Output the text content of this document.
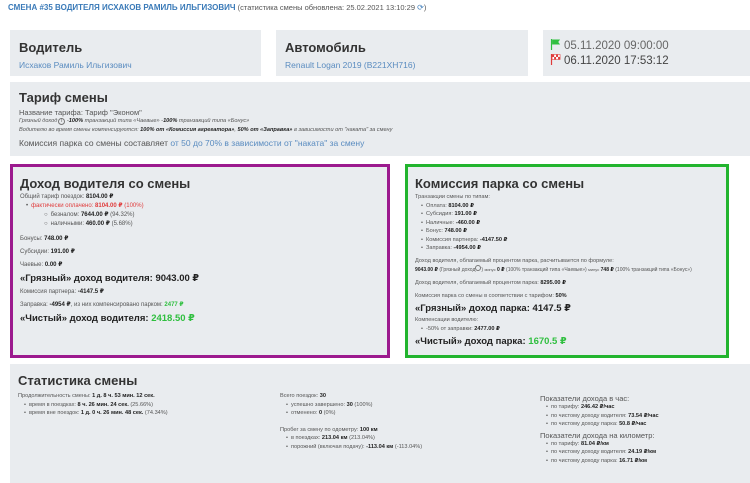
СМЕНА #35 ВОДИТЕЛЯ ИСХАКОВ РАМИЛЬ ИЛЬГИЗОВИЧ (статистика смены обновлена: 25.02.2021 13:10:29 ⟳)
Водитель
Исхаков Рамиль Ильгизович
Автомобиль
Renault Logan 2019 (В221ХН716)
05.11.2020 09:00:00
06.11.2020 17:53:12
Тариф смены
Название тарифа: Тариф "Эконом"
Грязный доход i -100% транзакций типа «Чаевые» -100% транзакций типа «Бонус»
Водителю во время смены компенсируются: 100% от «Комиссия агрегатора», 50% от «Заправка» в зависимости от "наката" за смену
Комиссия парка со смены составляет от 50 до 70% в зависимости от "наката" за смену
Доход водителя со смены
Общий тариф поездок: 8104.00 ₽
• фактически оплачено: 8104.00 ₽ (100%)
○ безналом: 7644.00 ₽ (94.32%)
○ наличными: 460.00 ₽ (5.68%)
Бонусы: 748.00 ₽
Субсидии: 191.00 ₽
Чаевые: 0.00 ₽
«Грязный» доход водителя: 9043.00 ₽
Комиссия партнера: -4147.5 ₽
Заправка: -4954 ₽, из них компенсировано парком: 2477 ₽
«Чистый» доход водителя: 2418.50 ₽
Комиссия парка со смены
Транзакции смены по типам:
• Оплата: 8104.00 ₽
• Субсидия: 191.00 ₽
• Наличные: -460.00 ₽
• Бонус: 748.00 ₽
• Комиссия партнера: -4147.50 ₽
• Заправка: -4954.00 ₽
Доход водителя, облагаемый процентом парка, расчитывается по формуле:
9043.00 ₽ (Грязный доход ) минус 0 ₽ (100% транзакций типа «Чаевые») минус 748 ₽ (100% транзакций типа «Бонус»)
Доход водителя, облагаемый процентом парка: 8295.00 ₽
Комиссия парка со смены в соответствии с тарифом: 50%
«Грязный» доход парка: 4147.5 ₽
Компенсации водителю:
• -50% от заправки: 2477.00 ₽
«Чистый» доход парка: 1670.5 ₽
Статистика смены
Продолжительность смены: 1 д. 8 ч. 53 мин. 12 сек.
• время в поездках: 8 ч. 26 мин. 24 сек. (25.66%)
• время вне поездок: 1 д. 0 ч. 26 мин. 48 сек. (74.34%)
Всего поездок: 30
• успешно завершено: 30 (100%)
• отменено: 0 (0%)
Пробег за смену по одометру: 100 км
• в поездках: 213.04 км (213.04%)
• порожний (включая подачу): -113.04 км (-113.04%)
Показатели дохода в час:
• по тарифу: 246.42 ₽/час
• по чистому доходу водителя: 73.54 ₽/час
• по чистому доходу парка: 50.8 ₽/час
Показатели дохода на километр:
• по тарифу: 81.04 ₽/км
• по чистому доходу водителя: 24.19 ₽/км
• по чистому доходу парка: 16.71 ₽/км
